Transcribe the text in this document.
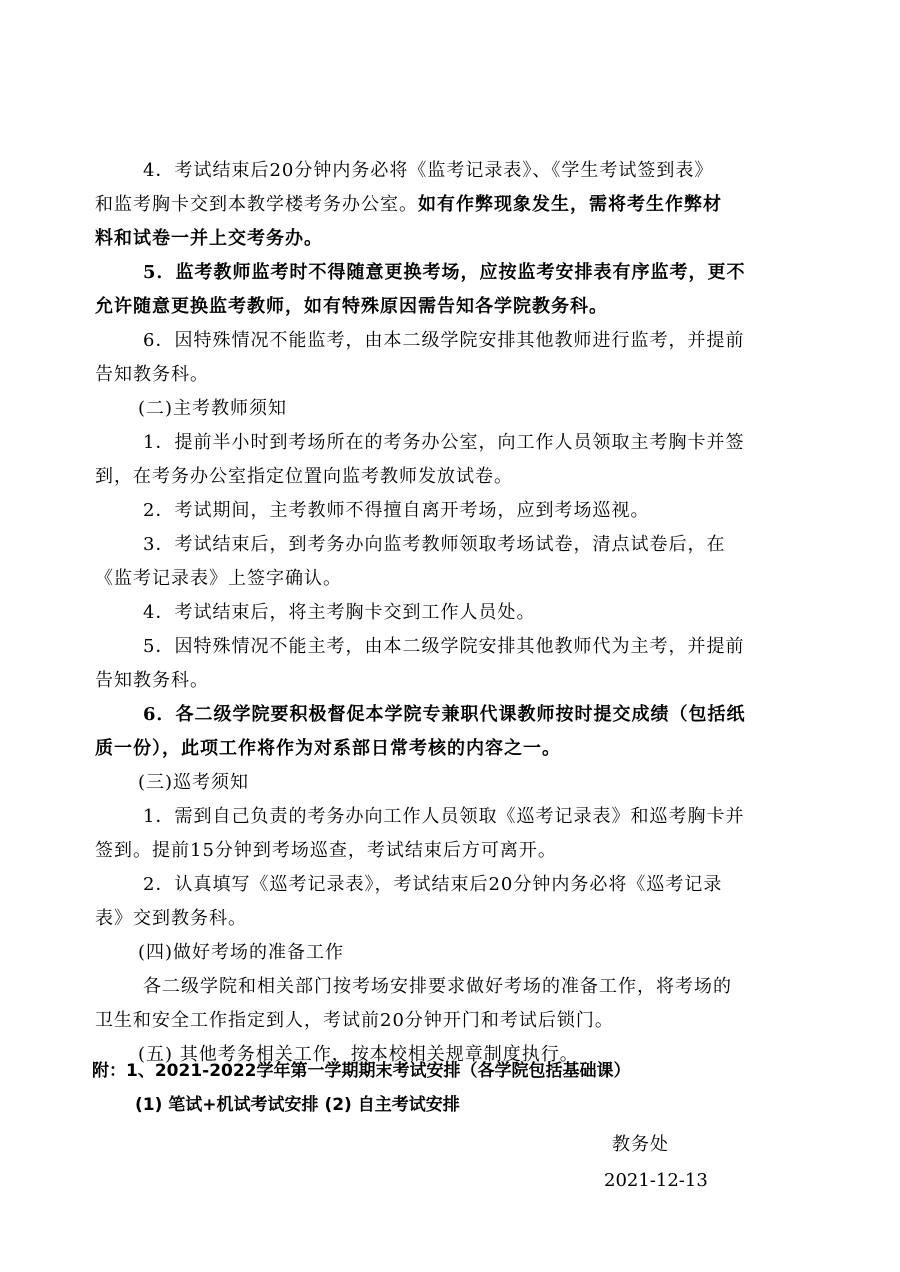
4．考试结束后20分钟内务必将《监考记录表》、《学生考试签到表》
和监考胸卡交到本教学楼考务办公室。如有作弊现象发生，需将考生作弊材
料和试卷一并上交考务办。
5．监考教师监考时不得随意更换考场，应按监考安排表有序监考，更不
允许随意更换监考教师，如有特殊原因需告知各学院教务科。
6．因特殊情况不能监考，由本二级学院安排其他教师进行监考，并提前
告知教务科。
(二)主考教师须知
1．提前半小时到考场所在的考务办公室，向工作人员领取主考胸卡并签
到，在考务办公室指定位置向监考教师发放试卷。
2．考试期间，主考教师不得擅自离开考场，应到考场巡视。
3．考试结束后，到考务办向监考教师领取考场试卷，清点试卷后，在
《监考记录表》上签字确认。
4．考试结束后，将主考胸卡交到工作人员处。
5．因特殊情况不能主考，由本二级学院安排其他教师代为主考，并提前
告知教务科。
6．各二级学院要积极督促本学院专兼职代课教师按时提交成绩（包括纸
质一份），此项工作将作为对系部日常考核的内容之一。
(三)巡考须知
1．需到自己负责的考务办向工作人员领取《巡考记录表》和巡考胸卡并
签到。提前15分钟到考场巡查，考试结束后方可离开。
2．认真填写《巡考记录表》，考试结束后20分钟内务必将《巡考记录
表》交到教务科。
(四)做好考场的准备工作
各二级学院和相关部门按考场安排要求做好考场的准备工作，将考场的
卫生和安全工作指定到人，考试前20分钟开门和考试后锁门。
(五) 其他考务相关工作，按本校相关规章制度执行。
附：1、2021-2022学年第一学期期末考试安排（各学院包括基础课）
(1) 笔试+机试考试安排 (2) 自主考试安排
教务处
2021-12-13
